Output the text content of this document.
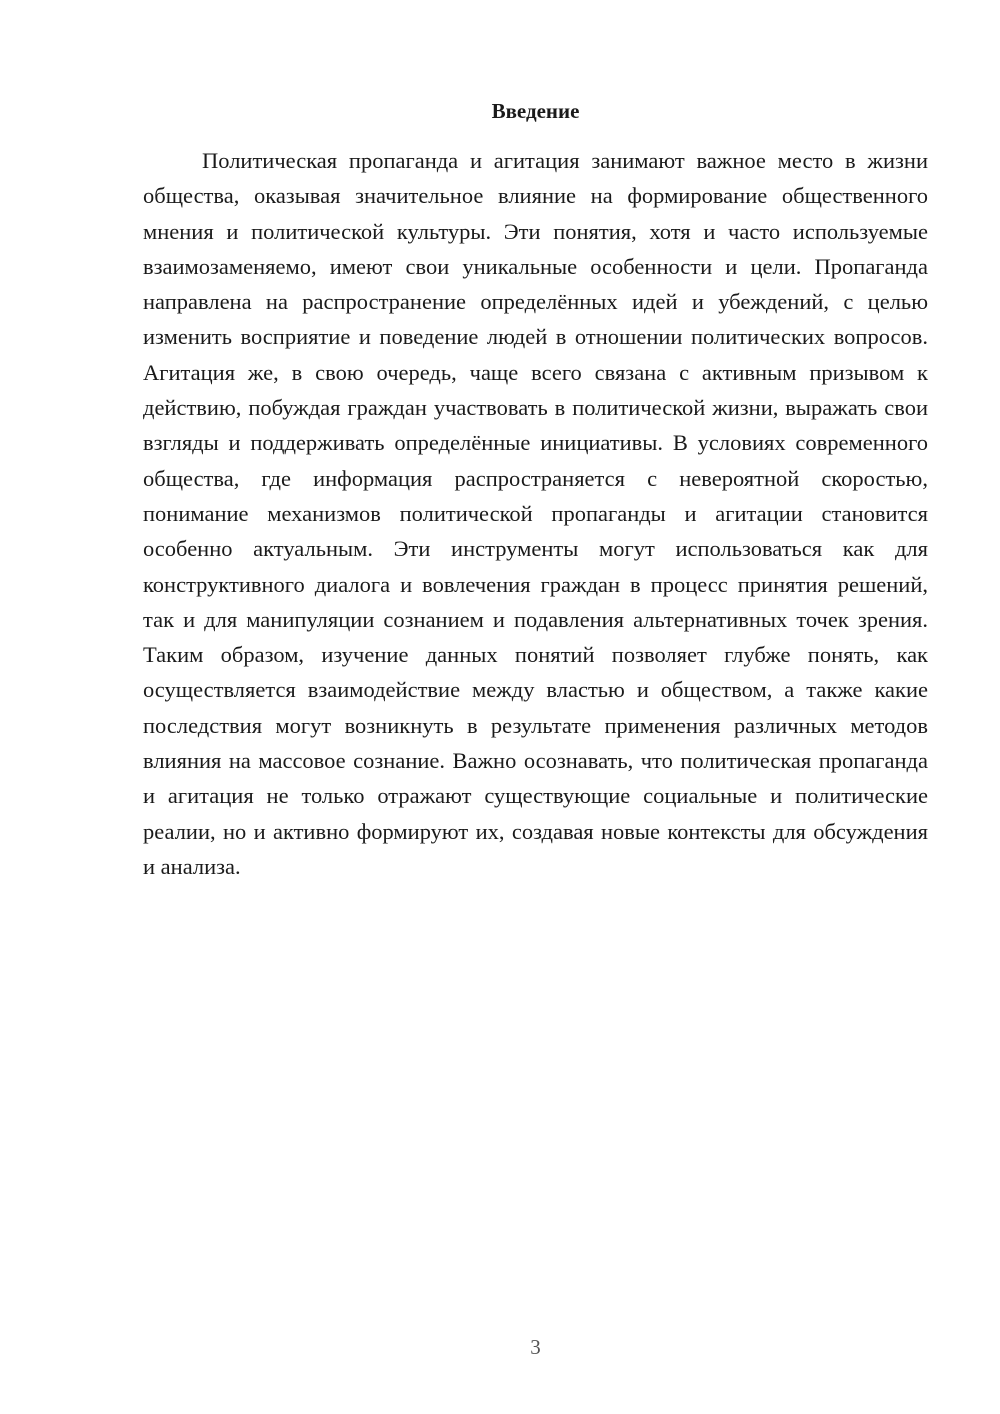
Введение

Политическая пропаганда и агитация занимают важное место в жизни общества, оказывая значительное влияние на формирование общественного мнения и политической культуры. Эти понятия, хотя и часто используемые взаимозаменяемо, имеют свои уникальные особенности и цели. Пропаганда направлена на распространение определённых идей и убеждений, с целью изменить восприятие и поведение людей в отношении политических вопросов. Агитация же, в свою очередь, чаще всего связана с активным призывом к действию, побуждая граждан участвовать в политической жизни, выражать свои взгляды и поддерживать определённые инициативы. В условиях современного общества, где информация распространяется с невероятной скоростью, понимание механизмов политической пропаганды и агитации становится особенно актуальным. Эти инструменты могут использоваться как для конструктивного диалога и вовлечения граждан в процесс принятия решений, так и для манипуляции сознанием и подавления альтернативных точек зрения. Таким образом, изучение данных понятий позволяет глубже понять, как осуществляется взаимодействие между властью и обществом, а также какие последствия могут возникнуть в результате применения различных методов влияния на массовое сознание. Важно осознавать, что политическая пропаганда и агитация не только отражают существующие социальные и политические реалии, но и активно формируют их, создавая новые контексты для обсуждения и анализа.

3
